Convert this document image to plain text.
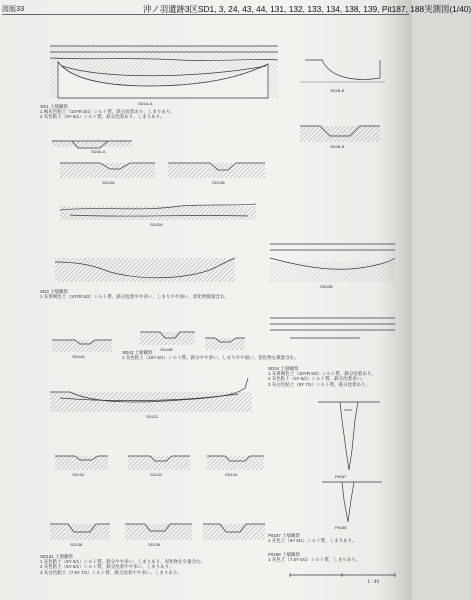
図版33	沖ノ羽遺跡3区SD1, 3, 24, 43, 44, 131, 132, 133, 134, 138, 139, Pit187, 188実測図(1/40)
SD1A-A
SD1B-B
SD3A-A
SD3B-B
SD24A	SD24B
SD43A
SD43B
SD44A
SD44B
SD131
SD132	SD133	SD134
SD138	SD139
Pit187
Pit188
SD1 土層観察
1 褐灰色粘土（10YR 5/1）シルト質、鉄分沈着あり、しまりあり。
2 灰色粘土（5Y 5/1）シルト質、鉄分沈着あり、しまりあり。
SD3 土層観察
1 灰黄褐色土（10YR 5/2）シルト質、鉄分沈着やや多い、しまりやや弱い、炭化物微量含む。
SD43 土層観察
1 灰色粘土（10Y 5/1）シルト質、鉄分やや多い、しまりやや弱い、炭化物を微量含む。
SD44 土層観察
1 灰黄褐色土（10YR 5/2）シルト質、鉄分沈着あり。
2 灰色粘土（5Y 6/1）シルト質、鉄分沈着多い。
3 灰白色粘土（5Y 7/1）シルト質、鉄分沈着あり。
SD131 土層観察
1 灰色粘土（5Y 5/1）シルト質、鉄分やや多い、しまりあり、炭化物を少量含む。
2 灰色粘土（5Y 6/1）シルト質、鉄分沈着やや多い、しまりあり。
3 灰白色粘土（7.5Y 7/1）シルト質、鉄分沈着やや多い、しまりあり。
Pit187 土層観察
1 灰色土（5Y 5/1）シルト質、しまりあり。
Pit188 土層観察
1 灰色土（7.5Y 5/1）シルト質、しまりあり。
1 : 40
